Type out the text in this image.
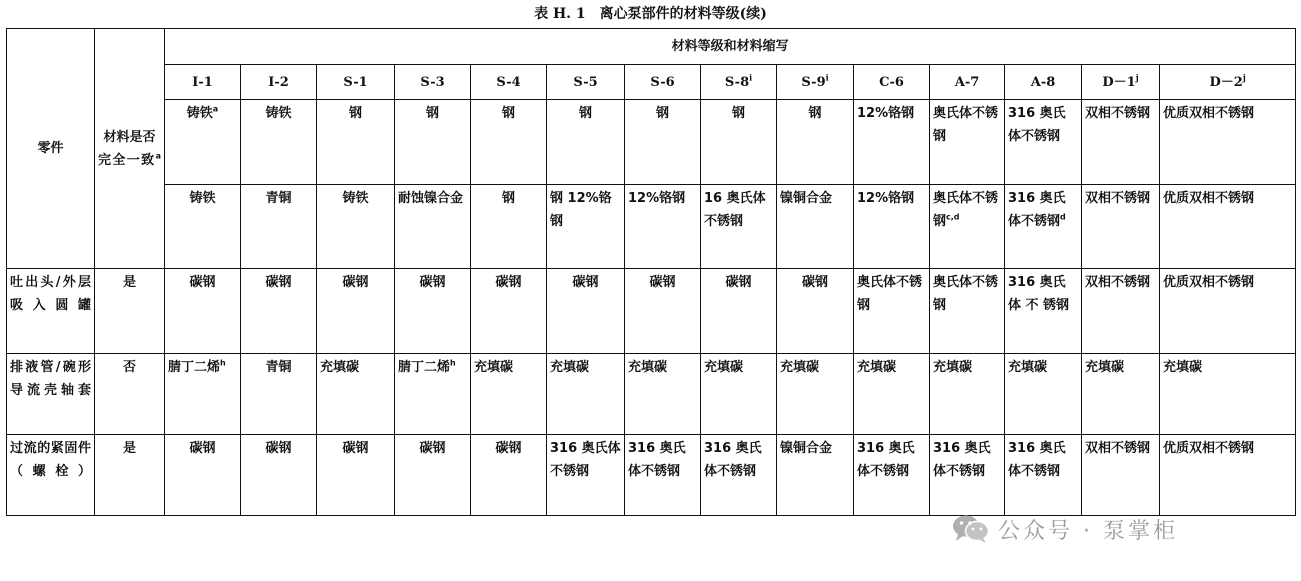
表 H. 1 离心泵部件的材料等级(续)
零件	材料是否完全一致$^a$	材料等级和材料缩写													
		I-1	I-2	S-1	S-3	S-4	S-5	S-6	S-8$^i$	S-9$^i$	C-6	A-7	A-8	$D-1^j$	$D-2^j$
		铸铁$^a$	铸铁	钢	钢	钢	钢	钢	钢	钢	12%铬钢	奥氏体不锈钢	316 奥氏体不锈钢	双相不锈钢	优质双相不锈钢
		铸铁	青铜	铸铁	耐蚀镍合金	钢	钢 12%铬钢	12%铬钢	16 奥氏体不锈钢	镍铜合金	12%铬钢	奥氏体不锈钢$^{c,d}$	316 奥氏体不锈钢$^d$	双相不锈钢	优质双相不锈钢
吐出头/外层吸入圆罐	是	碳钢	碳钢	碳钢	碳钢	碳钢	碳钢	碳钢	碳钢	碳钢	奥氏体不锈钢	奥氏体不锈钢	316 奥氏体 不 锈钢	双相不锈钢	优质双相不锈钢
排液管/碗形导流壳轴套	否	腈丁二烯$^h$	青铜	充填碳	腈丁二烯$^h$	充填碳	充填碳	充填碳	充填碳	充填碳	充填碳	充填碳	充填碳	充填碳	充填碳
过流的紧固件（螺栓）	是	碳钢	碳钢	碳钢	碳钢	碳钢	316 奥氏体不锈钢	316 奥氏体不锈钢	316 奥氏体不锈钢	镍铜合金	316 奥氏体不锈钢	316 奥氏体不锈钢	316 奥氏体不锈钢	双相不锈钢	优质双相不锈钢
公众号 · 泵掌柜
